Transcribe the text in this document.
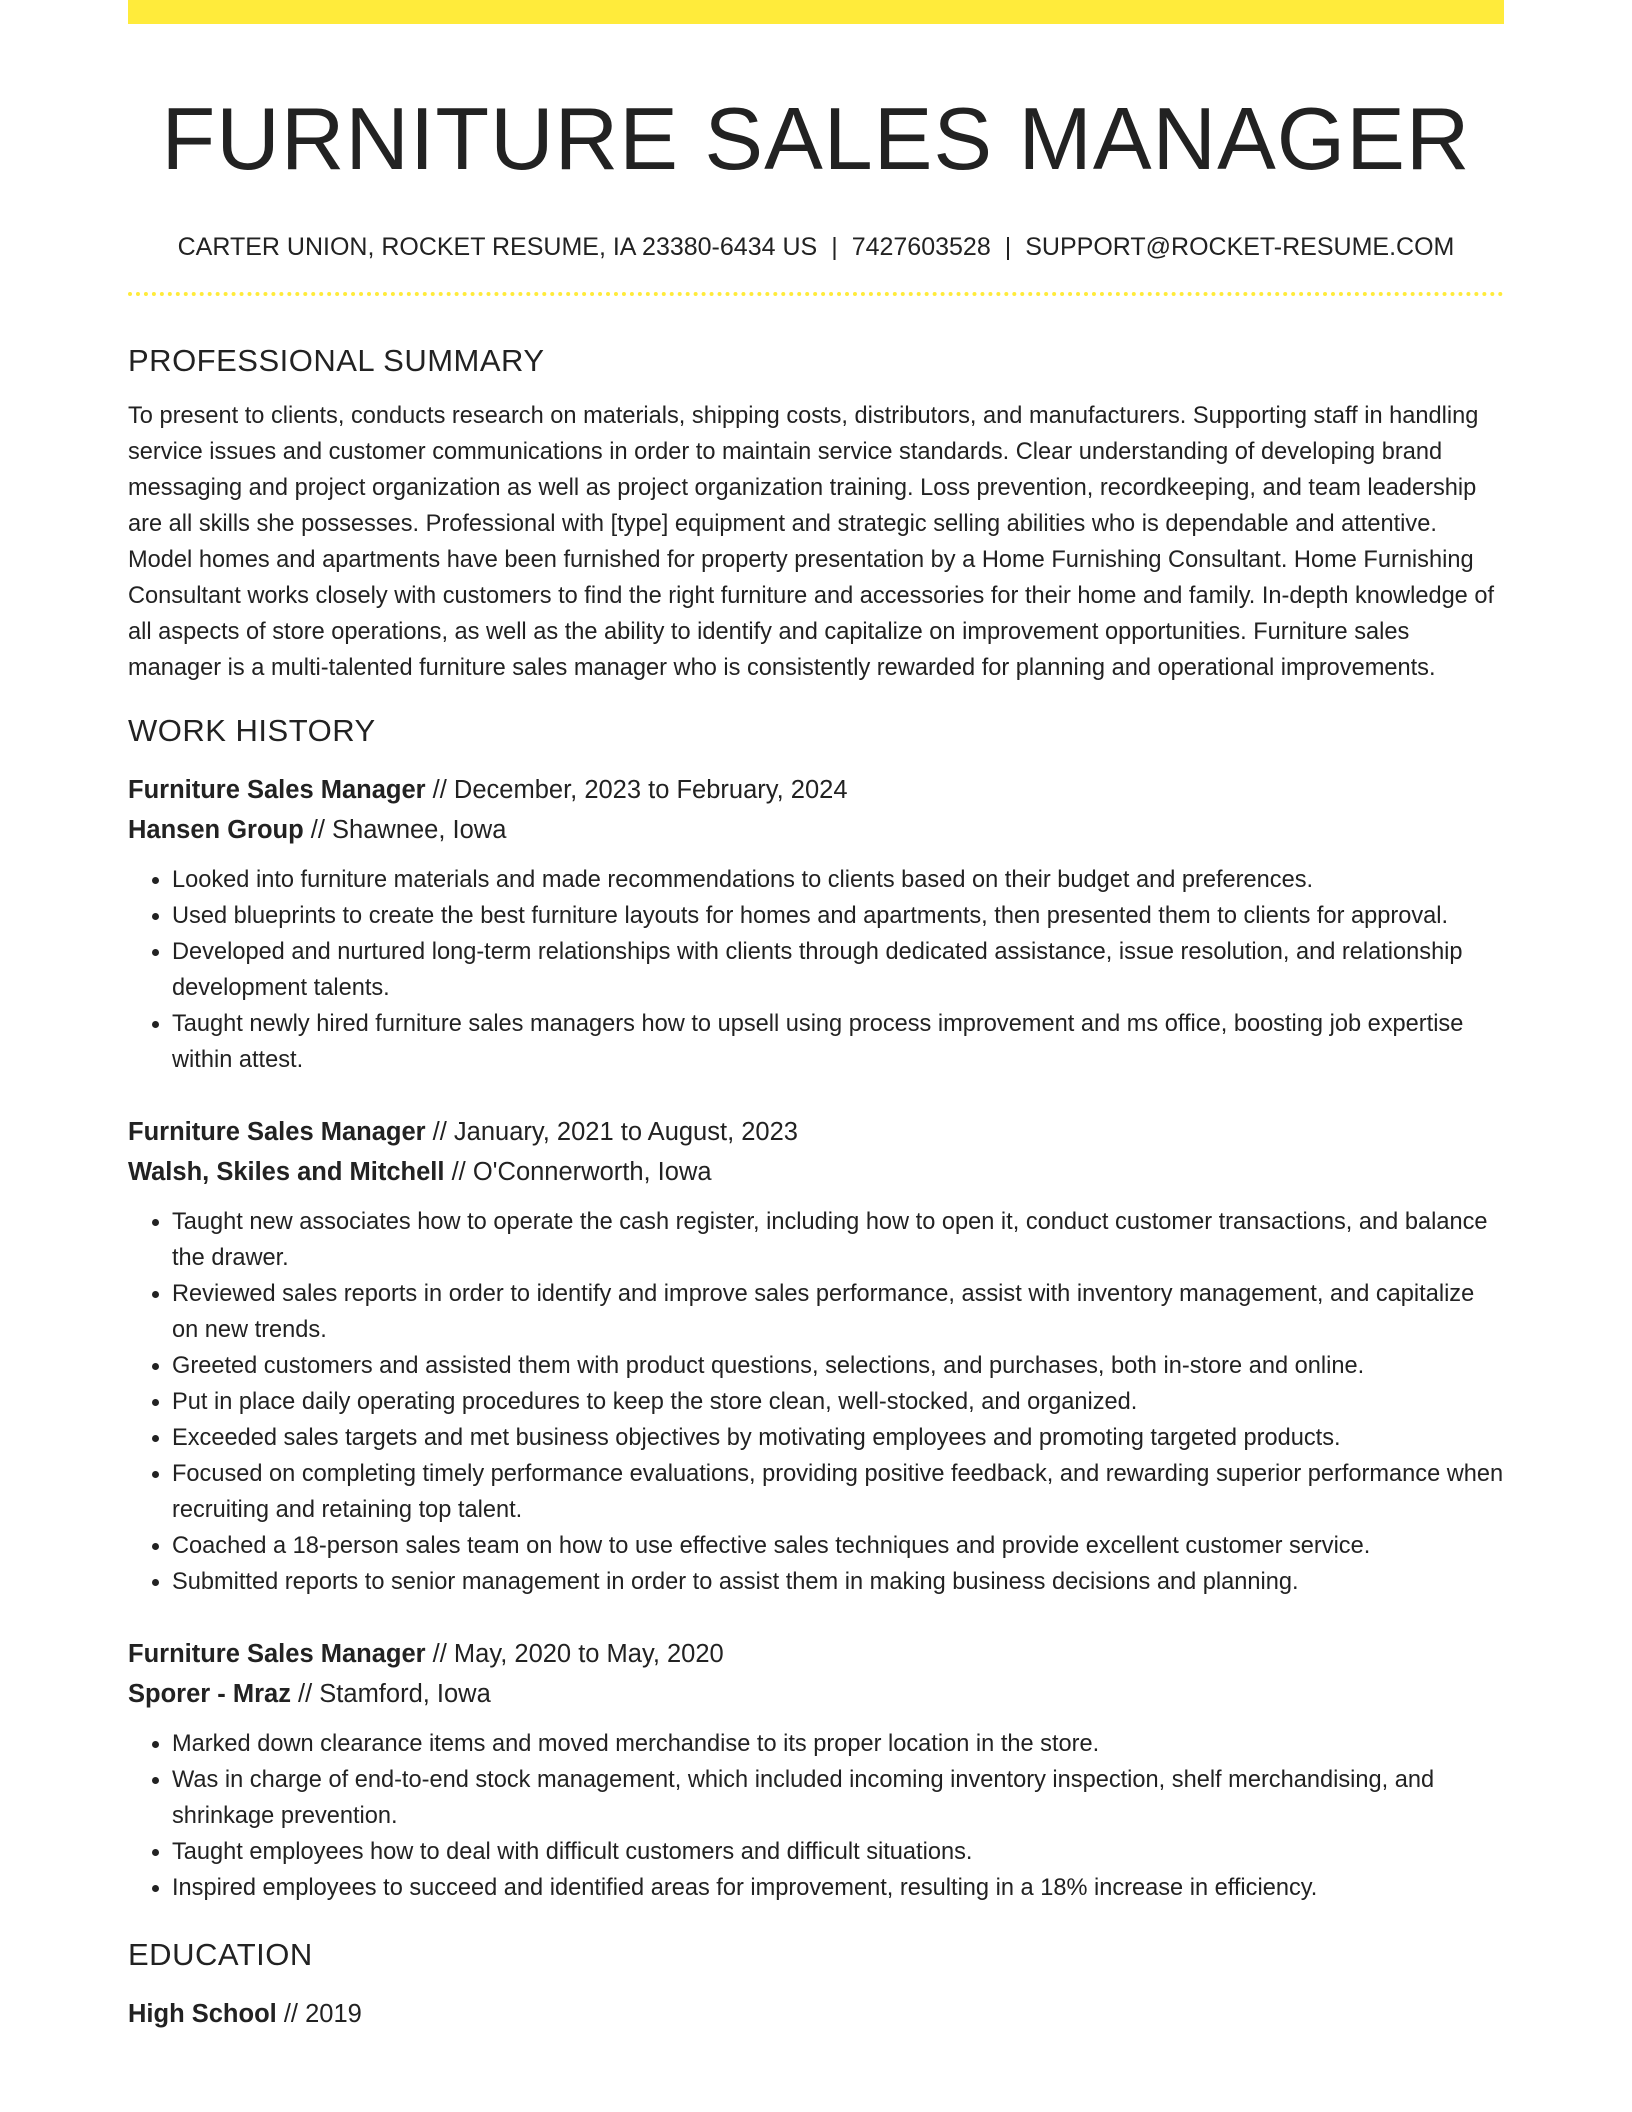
FURNITURE SALES MANAGER
CARTER UNION, ROCKET RESUME, IA 23380-6434 US | 7427603528 | SUPPORT@ROCKET-RESUME.COM
PROFESSIONAL SUMMARY

To present to clients, conducts research on materials, shipping costs, distributors, and manufacturers. Supporting staff in handling service issues and customer communications in order to maintain service standards. Clear understanding of developing brand messaging and project organization as well as project organization training. Loss prevention, recordkeeping, and team leadership are all skills she possesses. Professional with [type] equipment and strategic selling abilities who is dependable and attentive. Model homes and apartments have been furnished for property presentation by a Home Furnishing Consultant. Home Furnishing Consultant works closely with customers to find the right furniture and accessories for their home and family. In-depth knowledge of all aspects of store operations, as well as the ability to identify and capitalize on improvement opportunities. Furniture sales manager is a multi-talented furniture sales manager who is consistently rewarded for planning and operational improvements.

WORK HISTORY
Furniture Sales Manager // December, 2023 to February, 2024
Hansen Group // Shawnee, Iowa
• Looked into furniture materials and made recommendations to clients based on their budget and preferences.
• Used blueprints to create the best furniture layouts for homes and apartments, then presented them to clients for approval.
• Developed and nurtured long-term relationships with clients through dedicated assistance, issue resolution, and relationship development talents.
• Taught newly hired furniture sales managers how to upsell using process improvement and ms office, boosting job expertise within attest.
Furniture Sales Manager // January, 2021 to August, 2023
Walsh, Skiles and Mitchell // O'Connerworth, Iowa
• Taught new associates how to operate the cash register, including how to open it, conduct customer transactions, and balance the drawer.
• Reviewed sales reports in order to identify and improve sales performance, assist with inventory management, and capitalize on new trends.
• Greeted customers and assisted them with product questions, selections, and purchases, both in-store and online.
• Put in place daily operating procedures to keep the store clean, well-stocked, and organized.
• Exceeded sales targets and met business objectives by motivating employees and promoting targeted products.
• Focused on completing timely performance evaluations, providing positive feedback, and rewarding superior performance when recruiting and retaining top talent.
• Coached a 18-person sales team on how to use effective sales techniques and provide excellent customer service.
• Submitted reports to senior management in order to assist them in making business decisions and planning.
Furniture Sales Manager // May, 2020 to May, 2020
Sporer - Mraz // Stamford, Iowa
• Marked down clearance items and moved merchandise to its proper location in the store.
• Was in charge of end-to-end stock management, which included incoming inventory inspection, shelf merchandising, and shrinkage prevention.
• Taught employees how to deal with difficult customers and difficult situations.
• Inspired employees to succeed and identified areas for improvement, resulting in a 18% increase in efficiency.
EDUCATION
High School // 2019
